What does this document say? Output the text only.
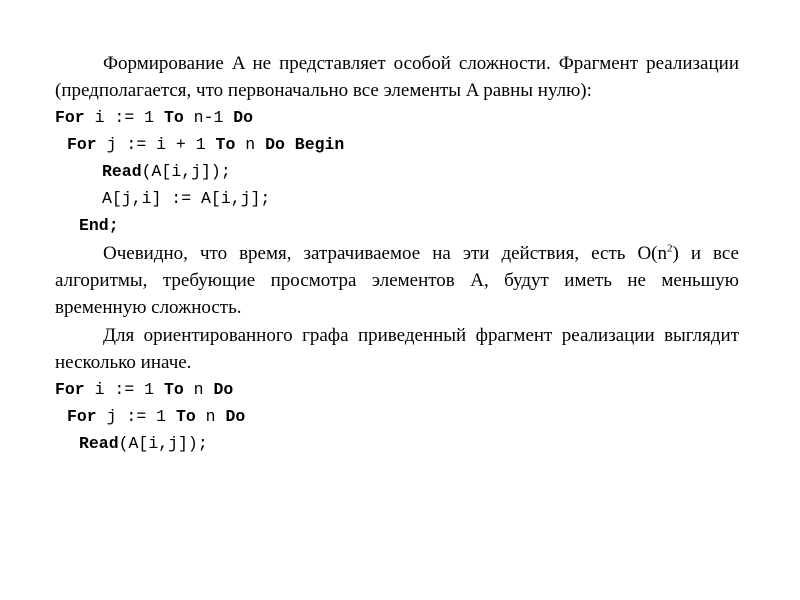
Формирование A не представляет особой сложности. Фрагмент реализации (предполагается, что первоначально все элементы A равны нулю):

For i := 1 To n-1 Do
For j := i + 1 To n Do Begin
Read(A[i,j]);
A[j,i] := A[i,j];
End;

Очевидно, что время, затрачиваемое на эти действия, есть $O(n^2)$ и все алгоритмы, требующие просмотра элементов A, будут иметь не меньшую временную сложность.

Для ориентированного графа приведенный фрагмент реализации выглядит несколько иначе.

For i := 1 To n Do
For j := 1 To n Do
Read(A[i,j]);
